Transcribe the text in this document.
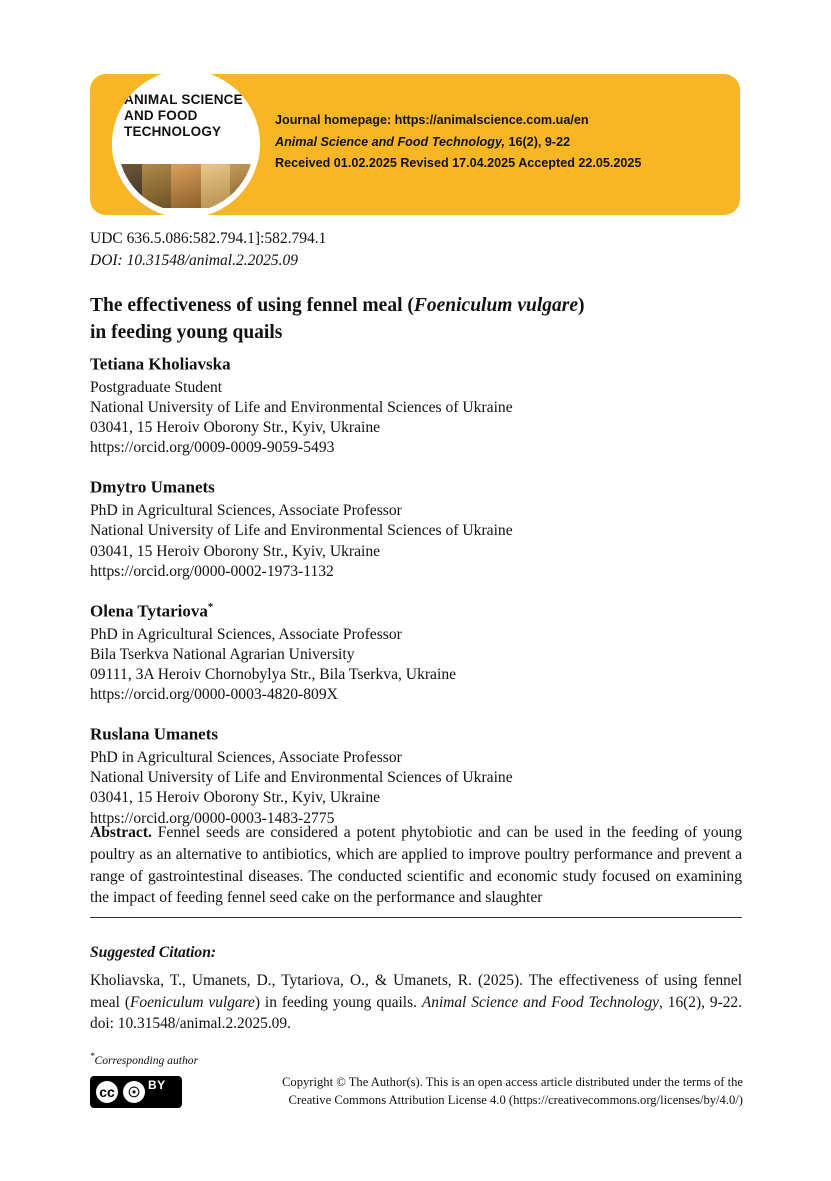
ANIMAL SCIENCE AND FOOD TECHNOLOGY
Journal homepage: https://animalscience.com.ua/en
Animal Science and Food Technology, 16(2), 9-22
Received 01.02.2025 Revised 17.04.2025 Accepted 22.05.2025
UDC 636.5.086:582.794.1]:582.794.1
DOI: 10.31548/animal.2.2025.09
The effectiveness of using fennel meal (Foeniculum vulgare)
in feeding young quails
Tetiana Kholiavska
Postgraduate Student
National University of Life and Environmental Sciences of Ukraine
03041, 15 Heroiv Oborony Str., Kyiv, Ukraine
https://orcid.org/0009-0009-9059-5493
Dmytro Umanets
PhD in Agricultural Sciences, Associate Professor
National University of Life and Environmental Sciences of Ukraine
03041, 15 Heroiv Oborony Str., Kyiv, Ukraine
https://orcid.org/0000-0002-1973-1132
Olena Tytariova*
PhD in Agricultural Sciences, Associate Professor
Bila Tserkva National Agrarian University
09111, 3A Heroiv Chornobylya Str., Bila Tserkva, Ukraine
https://orcid.org/0000-0003-4820-809X
Ruslana Umanets
PhD in Agricultural Sciences, Associate Professor
National University of Life and Environmental Sciences of Ukraine
03041, 15 Heroiv Oborony Str., Kyiv, Ukraine
https://orcid.org/0000-0003-1483-2775
Abstract. Fennel seeds are considered a potent phytobiotic and can be used in the feeding of young poultry as an alternative to antibiotics, which are applied to improve poultry performance and prevent a range of gastrointestinal diseases. The conducted scientific and economic study focused on examining the impact of feeding fennel seed cake on the performance and slaughter
Suggested Citation:
Kholiavska, T., Umanets, D., Tytariova, O., & Umanets, R. (2025). The effectiveness of using fennel meal (Foeniculum vulgare) in feeding young quails. Animal Science and Food Technology, 16(2), 9-22. doi: 10.31548/animal.2.2025.09.
*Corresponding author
cc ☉ BY	Copyright © The Author(s). This is an open access article distributed under the terms of the
Creative Commons Attribution License 4.0 (https://creativecommons.org/licenses/by/4.0/)
